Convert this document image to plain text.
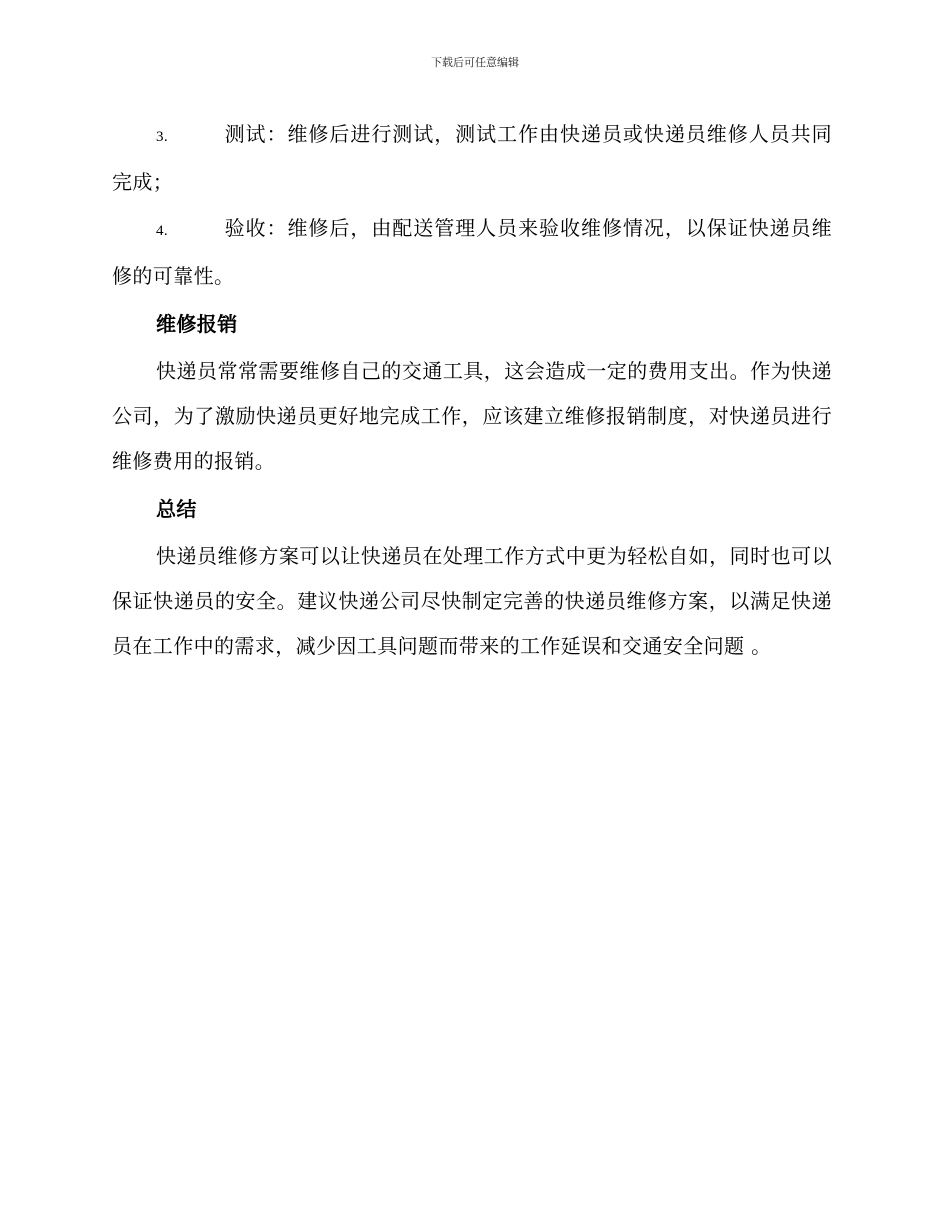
下载后可任意编辑

3.	测试：维修后进行测试，测试工作由快递员或快递员维修人员共同完成；

4.	验收：维修后，由配送管理人员来验收维修情况，以保证快递员维修的可靠性。

维修报销

快递员常常需要维修自己的交通工具，这会造成一定的费用支出。作为快递公司，为了激励快递员更好地完成工作，应该建立维修报销制度，对快递员进行维修费用的报销。

总结

快递员维修方案可以让快递员在处理工作方式中更为轻松自如，同时也可以保证快递员的安全。建议快递公司尽快制定完善的快递员维修方案，以满足快递员在工作中的需求，减少因工具问题而带来的工作延误和交通安全问题 。
